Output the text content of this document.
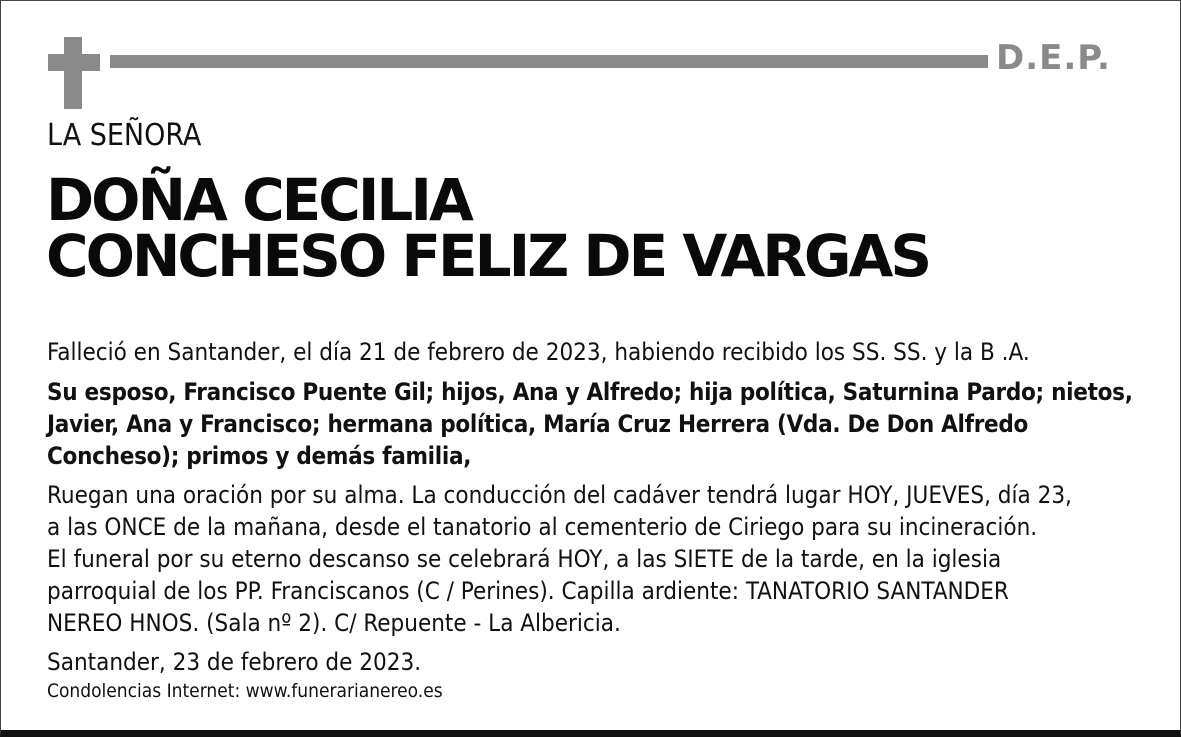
D.E.P.
LA SEÑORA
DOÑA CECILIA
CONCHESO FELIZ DE VARGAS
Falleció en Santander, el día 21 de febrero de 2023, habiendo recibido los SS. SS. y la B .A.
Su esposo, Francisco Puente Gil; hijos, Ana y Alfredo; hija política, Saturnina Pardo; nietos,
Javier, Ana y Francisco; hermana política, María Cruz Herrera (Vda. De Don Alfredo
Concheso); primos y demás familia,
Ruegan una oración por su alma. La conducción del cadáver tendrá lugar HOY, JUEVES, día 23,
a las ONCE de la mañana, desde el tanatorio al cementerio de Ciriego para su incineración.
El funeral por su eterno descanso se celebrará HOY, a las SIETE de la tarde, en la iglesia
parroquial de los PP. Franciscanos (C / Perines). Capilla ardiente: TANATORIO SANTANDER
NEREO HNOS. (Sala nº 2). C/ Repuente - La Albericia.
Santander, 23 de febrero de 2023.
Condolencias Internet: www.funerarianereo.es
